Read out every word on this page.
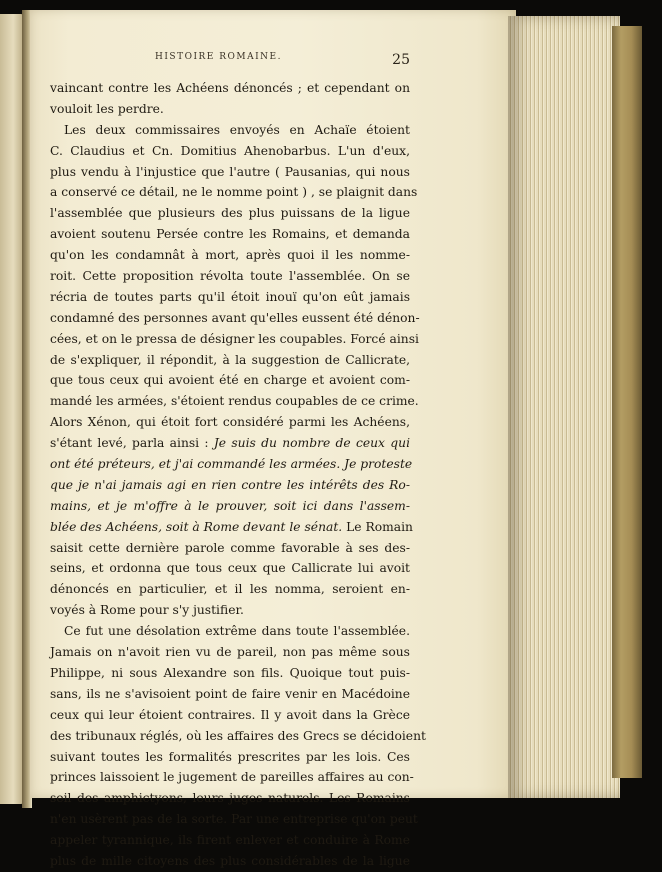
HISTOIRE ROMAINE.	25
vaincant contre les Achéens dénoncés ; et cependant on
vouloit les perdre.
Les deux commissaires envoyés en Achaïe étoient
C. Claudius et Cn. Domitius Ahenobarbus. L'un d'eux,
plus vendu à l'injustice que l'autre ( Pausanias, qui nous
a conservé ce détail, ne le nomme point ) , se plaignit dans
l'assemblée que plusieurs des plus puissans de la ligue
avoient soutenu Persée contre les Romains, et demanda
qu'on les condamnât à mort, après quoi il les nomme-
roit. Cette proposition révolta toute l'assemblée. On se
récria de toutes parts qu'il étoit inouï qu'on eût jamais
condamné des personnes avant qu'elles eussent été dénon-
cées, et on le pressa de désigner les coupables. Forcé ainsi
de s'expliquer, il répondit, à la suggestion de Callicrate,
que tous ceux qui avoient été en charge et avoient com-
mandé les armées, s'étoient rendus coupables de ce crime.
Alors Xénon, qui étoit fort considéré parmi les Achéens,
s'étant levé, parla ainsi : Je suis du nombre de ceux qui
ont été préteurs, et j'ai commandé les armées. Je proteste
que je n'ai jamais agi en rien contre les intérêts des Ro-
mains, et je m'offre à le prouver, soit ici dans l'assem-
blée des Achéens, soit à Rome devant le sénat. Le Romain
saisit cette dernière parole comme favorable à ses des-
seins, et ordonna que tous ceux que Callicrate lui avoit
dénoncés en particulier, et il les nomma, seroient en-
voyés à Rome pour s'y justifier.
Ce fut une désolation extrême dans toute l'assemblée.
Jamais on n'avoit rien vu de pareil, non pas même sous
Philippe, ni sous Alexandre son fils. Quoique tout puis-
sans, ils ne s'avisoient point de faire venir en Macédoine
ceux qui leur étoient contraires. Il y avoit dans la Grèce
des tribunaux réglés, où les affaires des Grecs se décidoient
suivant toutes les formalités prescrites par les lois. Ces
princes laissoient le jugement de pareilles affaires au con-
seil des amphictyons, leurs juges naturels. Les Romains
n'en usèrent pas de la sorte. Par une entreprise qu'on peut
appeler tyrannique, ils firent enlever et conduire à Rome
plus de mille citoyens des plus considérables de la ligue
